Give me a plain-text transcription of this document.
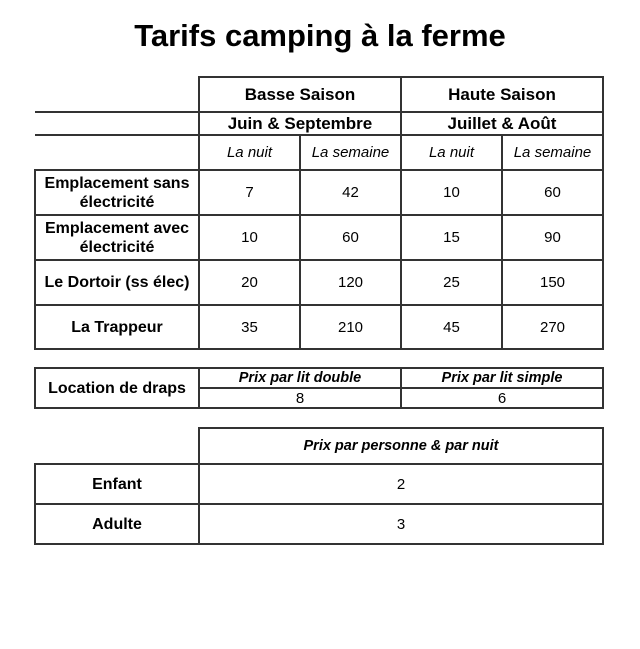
Tarifs camping à la ferme
	Basse Saison		Haute Saison	
	Juin & Septembre		Juillet & Août	
	La nuit	La semaine	La nuit	La semaine
Emplacement sans électricité	7	42	10	60
Emplacement avec électricité	10	60	15	90
Le Dortoir (ss élec)	20	120	25	150
La Trappeur	35	210	45	270
Location de draps	Prix par lit double	Prix par lit simple
	8	6
	Prix par personne & par nuit
Enfant	2
Adulte	3
